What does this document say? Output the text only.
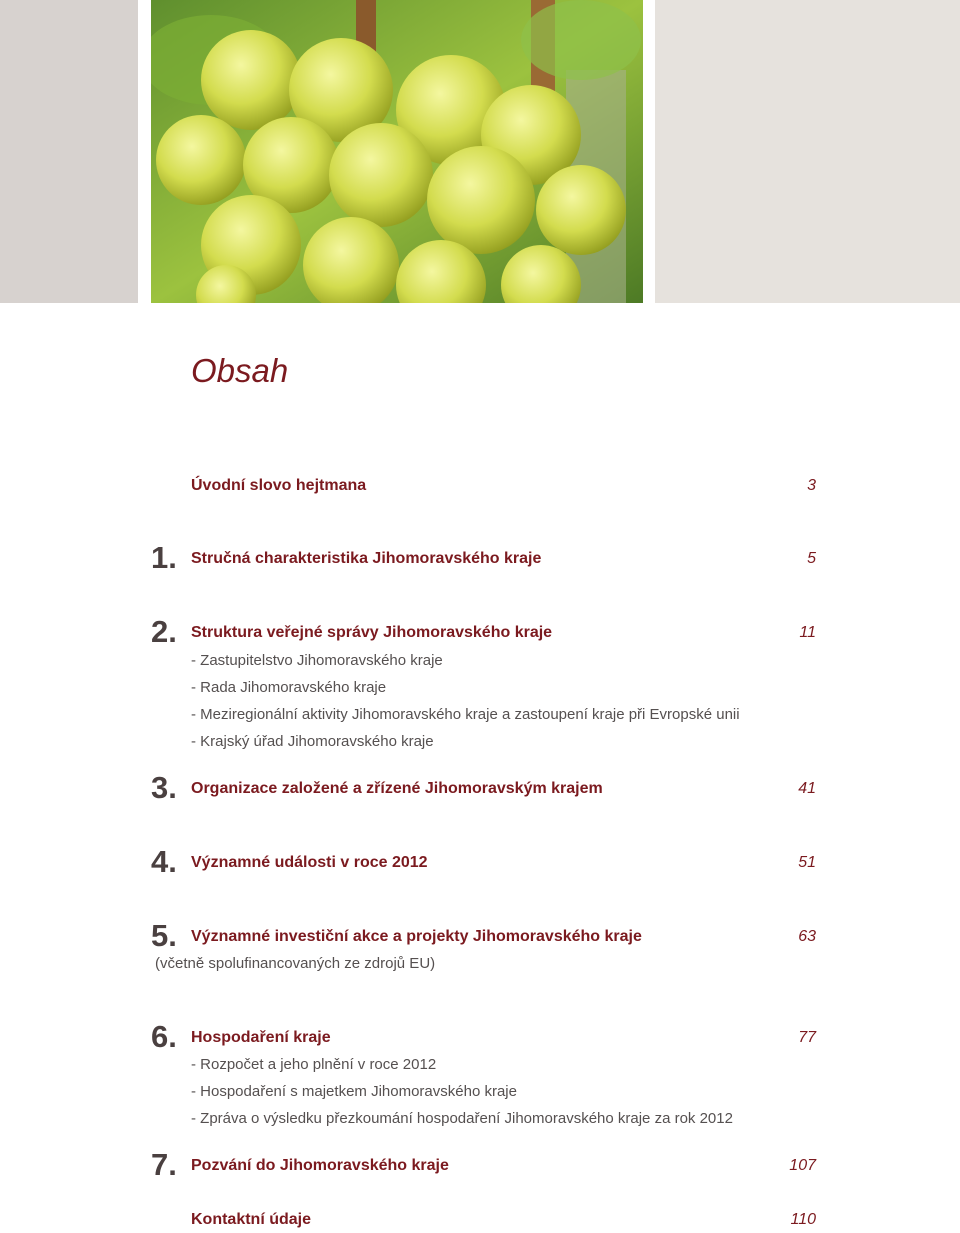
Obsah
Úvodní slovo hejtmana	3
1. Stručná charakteristika Jihomoravského kraje	5
2. Struktura veřejné správy Jihomoravského kraje	11
- Zastupitelstvo Jihomoravského kraje
- Rada Jihomoravského kraje
- Meziregionální aktivity Jihomoravského kraje a zastoupení kraje při Evropské unii
- Krajský úřad Jihomoravského kraje
3. Organizace založené a zřízené Jihomoravským krajem	41
4. Významné události v roce 2012	51
5. Významné investiční akce a projekty Jihomoravského kraje	63
(včetně spolufinancovaných ze zdrojů EU)
6. Hospodaření kraje	77
- Rozpočet a jeho plnění v roce 2012
- Hospodaření s majetkem Jihomoravského kraje
- Zpráva o výsledku přezkoumání hospodaření Jihomoravského kraje za rok 2012
7. Pozvání do Jihomoravského kraje	107
Kontaktní údaje	110
